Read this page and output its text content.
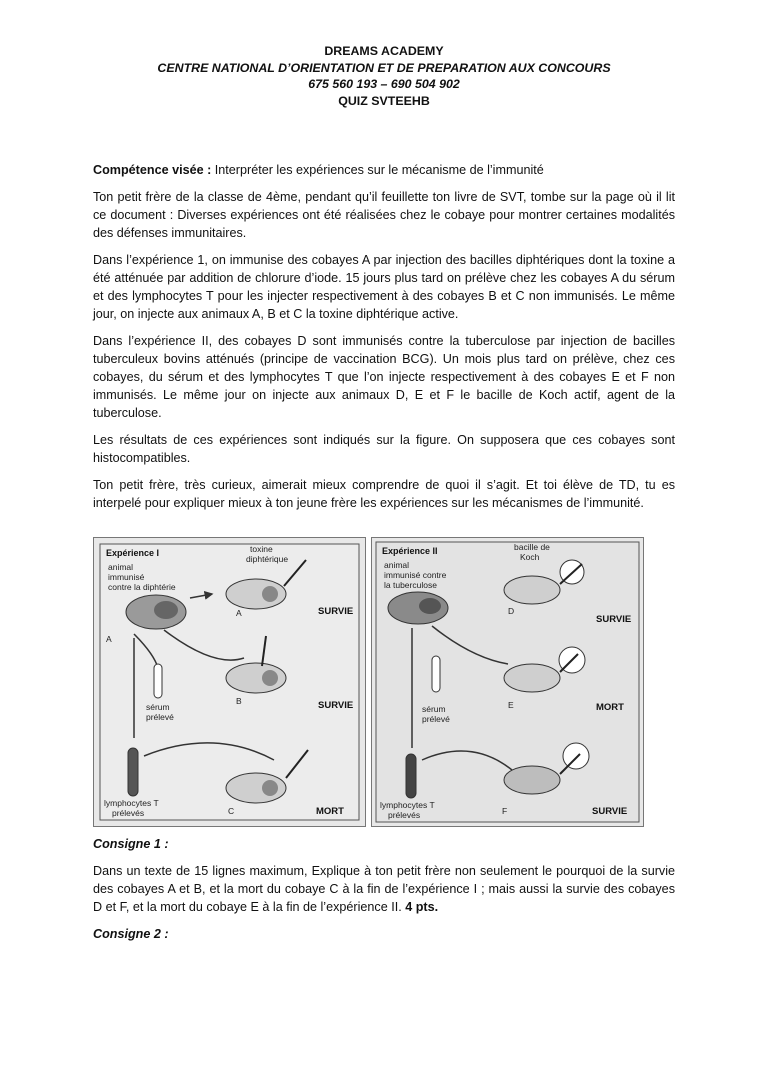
DREAMS ACADEMY
CENTRE NATIONAL D’ORIENTATION ET DE PREPARATION AUX CONCOURS
675 560 193 – 690 504 902
QUIZ SVTEEHB

Compétence visée : Interpréter les expériences sur le mécanisme de l’immunité

Ton petit frère de la classe de 4ème, pendant qu’il feuillette ton livre de SVT, tombe sur la page où il lit ce document : Diverses expériences ont été réalisées chez le cobaye pour montrer certaines modalités des défenses immunitaires.

Dans l’expérience 1, on immunise des cobayes A par injection des bacilles diphtériques dont la toxine a été atténuée par addition de chlorure d’iode. 15 jours plus tard on prélève chez les cobayes A du sérum et des lymphocytes T pour les injecter respectivement à des cobayes B et C non immunisés. Le même jour, on injecte aux animaux A, B et C la toxine diphtérique active.

Dans l’expérience II, des cobayes D sont immunisés contre la tuberculose par injection de bacilles tuberculeux bovins atténués (principe de vaccination BCG). Un mois plus tard on prélève, chez ces cobayes, du sérum et des lymphocytes T que l’on injecte respectivement à des cobayes E et F non immunisés. Le même jour on injecte aux animaux D, E et F le bacille de Koch actif, agent de la tuberculose.

Les résultats de ces expériences sont indiqués sur la figure. On supposera que ces cobayes sont histocompatibles.

Ton petit frère, très curieux, aimerait mieux comprendre de quoi il s’agit. Et toi élève de TD, tu es interpelé pour expliquer mieux à ton jeune frère les expériences sur les mécanismes de l’immunité.

Expérience I
animal
immunisé
contre la diphtérie
A
toxine
diphtérique
A	SURVIE
sérum
prélevé
B	SURVIE
lymphocytes T
prélevés	C	MORT
Expérience II
animal
immunisé contre
la tuberculose
bacille de
Koch
D
SURVIE
sérum
prélevé
E	MORT
lymphocytes T
prélevés	F	SURVIE

Consigne 1 :

Dans un texte de 15 lignes maximum, Explique à ton petit frère non seulement le pourquoi de la survie des cobayes A et B, et la mort du cobaye C à la fin de l’expérience I ; mais aussi la survie des cobayes D et F, et la mort du cobaye E à la fin de l’expérience II. 4 pts.

Consigne 2 :
